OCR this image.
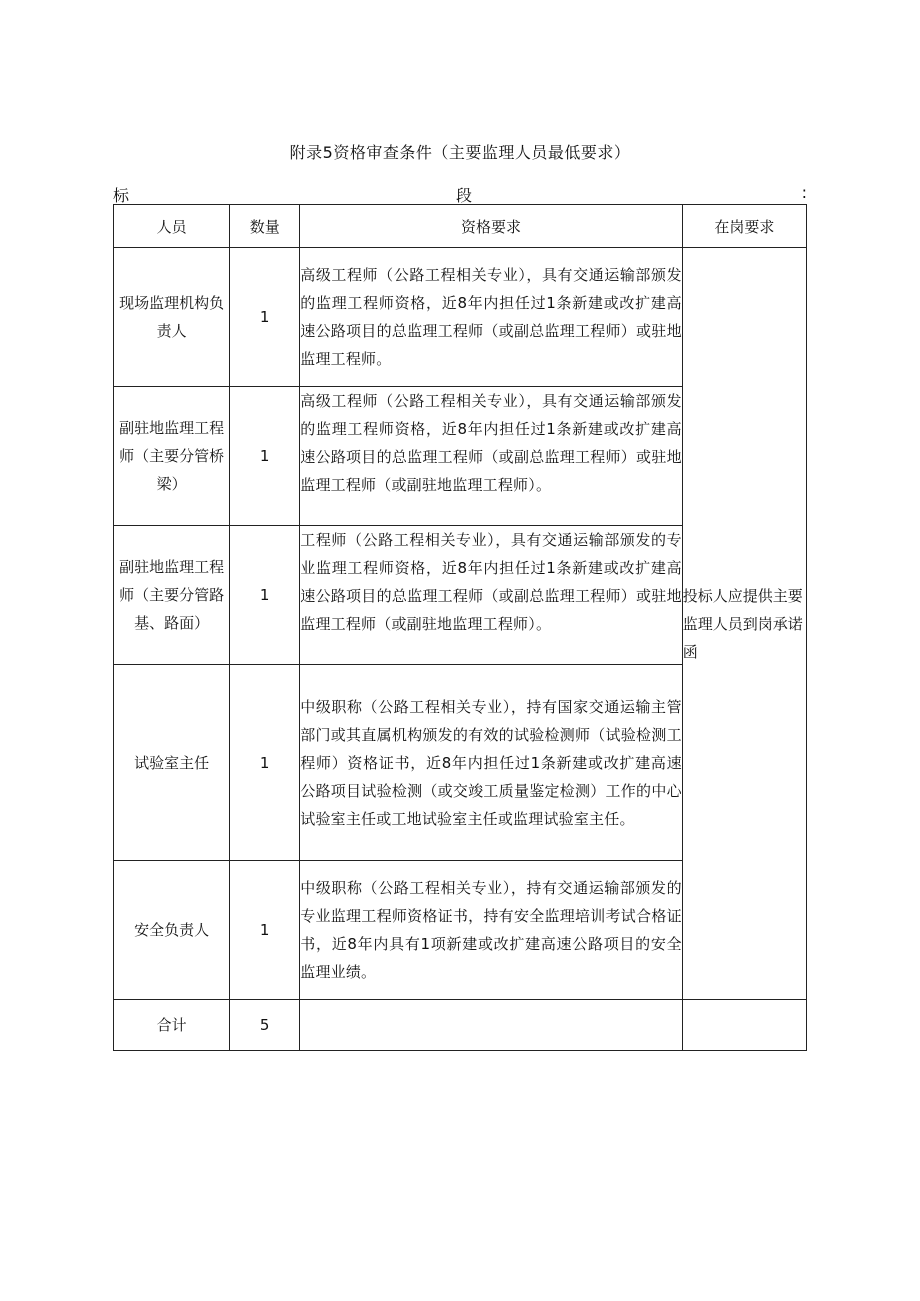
附录5资格审查条件（主要监理人员最低要求）
标	段	:
人员	数量	资格要求	在岗要求
现场监理机构负责人	1	高级工程师（公路工程相关专业），具有交通运输部颁发的监理工程师资格，近8年内担任过1条新建或改扩建高速公路项目的总监理工程师（或副总监理工程师）或驻地监理工程师。	投标人应提供主要监理人员到岗承诺函
副驻地监理工程师（主要分管桥梁）	1	高级工程师（公路工程相关专业），具有交通运输部颁发的监理工程师资格，近8年内担任过1条新建或改扩建高速公路项目的总监理工程师（或副总监理工程师）或驻地监理工程师（或副驻地监理工程师）。	
副驻地监理工程师（主要分管路基、路面）	1	工程师（公路工程相关专业），具有交通运输部颁发的专业监理工程师资格，近8年内担任过1条新建或改扩建高速公路项目的总监理工程师（或副总监理工程师）或驻地监理工程师（或副驻地监理工程师）。	
试验室主任	1	中级职称（公路工程相关专业），持有国家交通运输主管部门或其直属机构颁发的有效的试验检测师（试验检测工程师）资格证书，近8年内担任过1条新建或改扩建高速公路项目试验检测（或交竣工质量鉴定检测）工作的中心试验室主任或工地试验室主任或监理试验室主任。	
安全负责人	1	中级职称（公路工程相关专业），持有交通运输部颁发的专业监理工程师资格证书，持有安全监理培训考试合格证书，近8年内具有1项新建或改扩建高速公路项目的安全监理业绩。	
合计	5		
